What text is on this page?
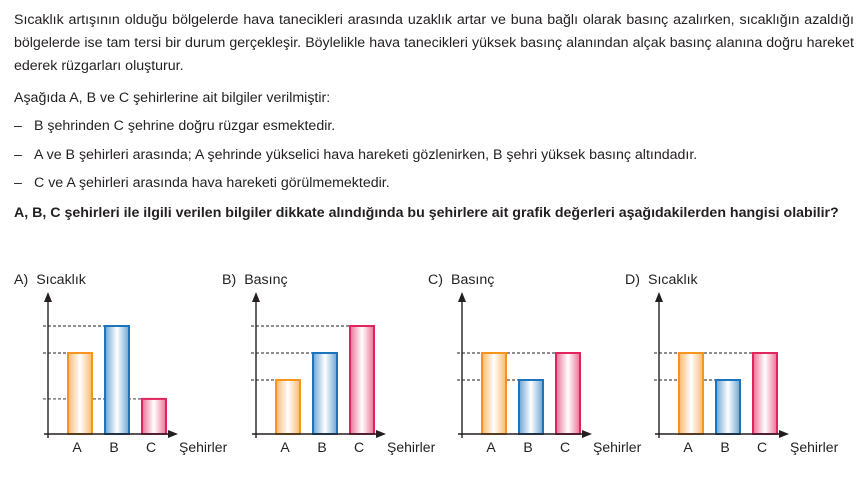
Sıcaklık artışının olduğu bölgelerde hava tanecikleri arasında uzaklık artar ve buna bağlı olarak basınç azalırken, sıcaklığın azaldığı bölgelerde ise tam tersi bir durum gerçekleşir. Böylelikle hava tanecikleri yüksek basınç alanından alçak basınç alanına doğru hareket ederek rüzgarları oluşturur.
Aşağıda A, B ve C şehirlerine ait bilgiler verilmiştir:
– B şehrinden C şehrine doğru rüzgar esmektedir.
– A ve B şehirleri arasında; A şehrinde yükselici hava hareketi gözlenirken, B şehri yüksek basınç altındadır.
– C ve A şehirleri arasında hava hareketi görülmemektedir.
A, B, C şehirleri ile ilgili verilen bilgiler dikkate alındığında bu şehirlere ait grafik değerleri aşağıdakilerden hangisi olabilir?
A) Sıcaklık
A B C Şehirler
B) Basınç
A B C Şehirler
C) Basınç
A B C Şehirler
D) Sıcaklık
A B C Şehirler
